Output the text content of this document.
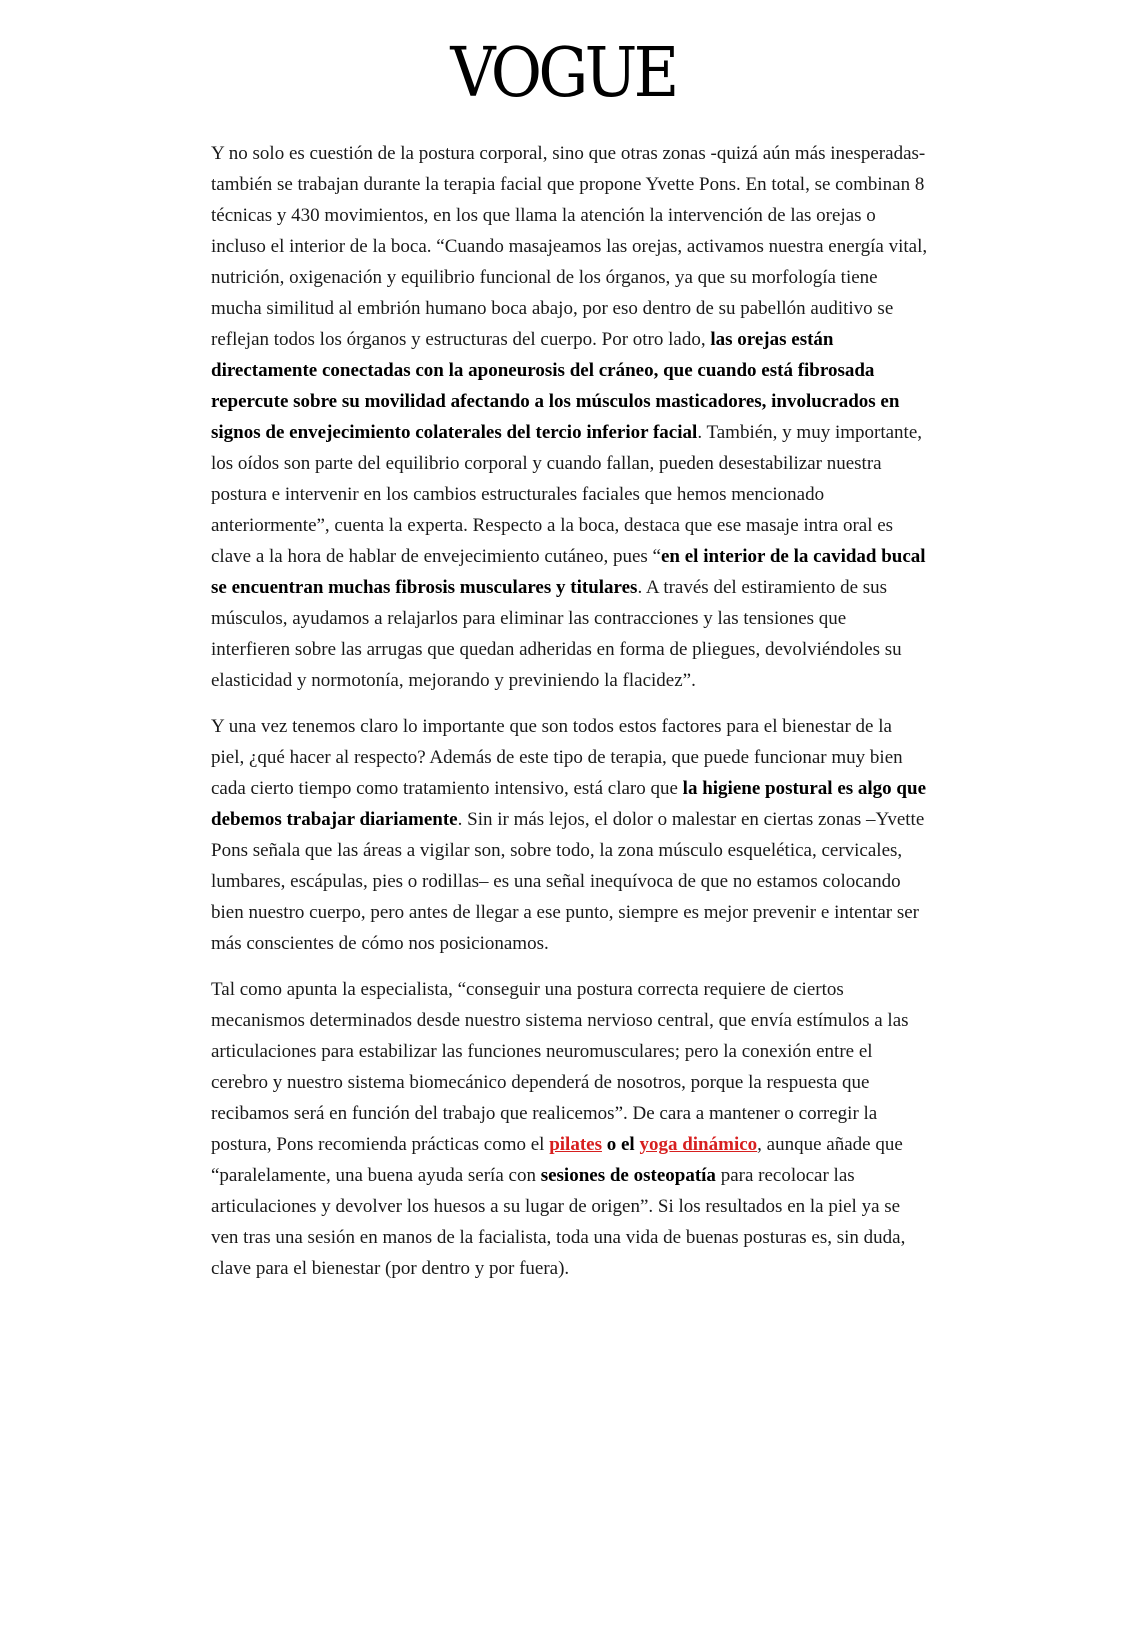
VOGUE

Y no solo es cuestión de la postura corporal, sino que otras zonas -quizá aún más inesperadas- también se trabajan durante la terapia facial que propone Yvette Pons. En total, se combinan 8 técnicas y 430 movimientos, en los que llama la atención la intervención de las orejas o incluso el interior de la boca. “Cuando masajeamos las orejas, activamos nuestra energía vital, nutrición, oxigenación y equilibrio funcional de los órganos, ya que su morfología tiene mucha similitud al embrión humano boca abajo, por eso dentro de su pabellón auditivo se reflejan todos los órganos y estructuras del cuerpo. Por otro lado, las orejas están directamente conectadas con la aponeurosis del cráneo, que cuando está fibrosada repercute sobre su movilidad afectando a los músculos masticadores, involucrados en signos de envejecimiento colaterales del tercio inferior facial. También, y muy importante, los oídos son parte del equilibrio corporal y cuando fallan, pueden desestabilizar nuestra postura e intervenir en los cambios estructurales faciales que hemos mencionado anteriormente”, cuenta la experta. Respecto a la boca, destaca que ese masaje intra oral es clave a la hora de hablar de envejecimiento cutáneo, pues “en el interior de la cavidad bucal se encuentran muchas fibrosis musculares y titulares. A través del estiramiento de sus músculos, ayudamos a relajarlos para eliminar las contracciones y las tensiones que interfieren sobre las arrugas que quedan adheridas en forma de pliegues, devolviéndoles su elasticidad y normotonía, mejorando y previniendo la flacidez”.

Y una vez tenemos claro lo importante que son todos estos factores para el bienestar de la piel, ¿qué hacer al respecto? Además de este tipo de terapia, que puede funcionar muy bien cada cierto tiempo como tratamiento intensivo, está claro que la higiene postural es algo que debemos trabajar diariamente. Sin ir más lejos, el dolor o malestar en ciertas zonas –Yvette Pons señala que las áreas a vigilar son, sobre todo, la zona músculo esquelética, cervicales, lumbares, escápulas, pies o rodillas– es una señal inequívoca de que no estamos colocando bien nuestro cuerpo, pero antes de llegar a ese punto, siempre es mejor prevenir e intentar ser más conscientes de cómo nos posicionamos.

Tal como apunta la especialista, “conseguir una postura correcta requiere de ciertos mecanismos determinados desde nuestro sistema nervioso central, que envía estímulos a las articulaciones para estabilizar las funciones neuromusculares; pero la conexión entre el cerebro y nuestro sistema biomecánico dependerá de nosotros, porque la respuesta que recibamos será en función del trabajo que realicemos”. De cara a mantener o corregir la postura, Pons recomienda prácticas como el pilates o el yoga dinámico, aunque añade que “paralelamente, una buena ayuda sería con sesiones de osteopatía para recolocar las articulaciones y devolver los huesos a su lugar de origen”. Si los resultados en la piel ya se ven tras una sesión en manos de la facialista, toda una vida de buenas posturas es, sin duda, clave para el bienestar (por dentro y por fuera).
